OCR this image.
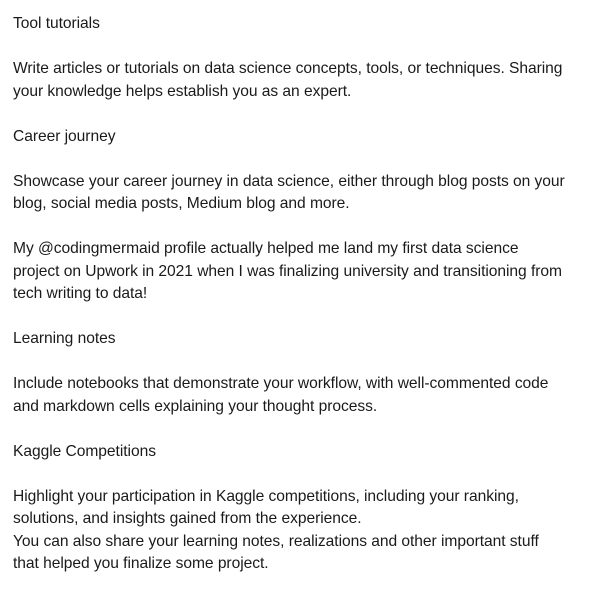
Tool tutorials
Write articles or tutorials on data science concepts, tools, or techniques. Sharing
your knowledge helps establish you as an expert.
Career journey
Showcase your career journey in data science, either through blog posts on your
blog, social media posts, Medium blog and more.
My @codingmermaid profile actually helped me land my first data science
project on Upwork in 2021 when I was finalizing university and transitioning from
tech writing to data!
Learning notes
Include notebooks that demonstrate your workflow, with well-commented code
and markdown cells explaining your thought process.
Kaggle Competitions
Highlight your participation in Kaggle competitions, including your ranking,
solutions, and insights gained from the experience.
You can also share your learning notes, realizations and other important stuff
that helped you finalize some project.
